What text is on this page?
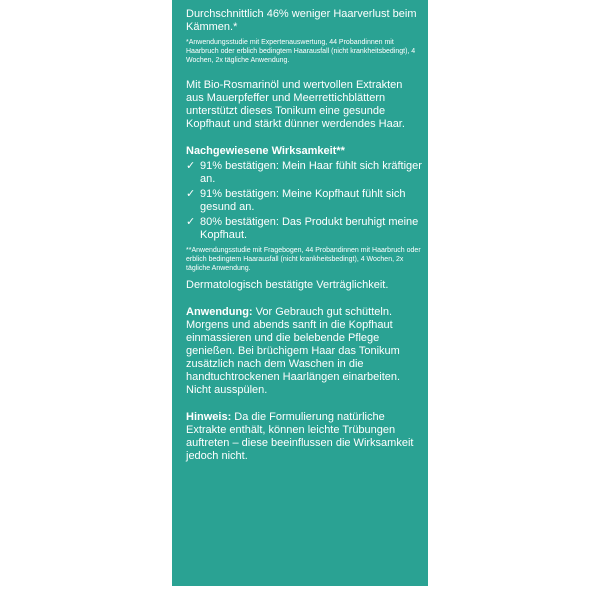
Durchschnittlich 46% weniger Haarverlust beim Kämmen.*

*Anwendungsstudie mit Expertenauswertung, 44 Probandinnen mit Haarbruch oder erblich bedingtem Haarausfall (nicht krankheitsbedingt), 4 Wochen, 2x tägliche Anwendung.

Mit Bio-Rosmarinöl und wertvollen Extrakten aus Mauerpfeffer und Meerrettichblättern unterstützt dieses Tonikum eine gesunde Kopfhaut und stärkt dünner werdendes Haar.

Nachgewiesene Wirksamkeit**

✓ 91% bestätigen: Mein Haar fühlt sich kräftiger an.
✓ 91% bestätigen: Meine Kopfhaut fühlt sich gesund an.
✓ 80% bestätigen: Das Produkt beruhigt meine Kopfhaut.

**Anwendungsstudie mit Fragebogen, 44 Probandinnen mit Haarbruch oder erblich bedingtem Haarausfall (nicht krankheitsbedingt), 4 Wochen, 2x tägliche Anwendung.

Dermatologisch bestätigte Verträglichkeit.

Anwendung: Vor Gebrauch gut schütteln. Morgens und abends sanft in die Kopfhaut einmassieren und die belebende Pflege genießen. Bei brüchigem Haar das Tonikum zusätzlich nach dem Waschen in die handtuchtrockenen Haarlängen einarbeiten. Nicht ausspülen.

Hinweis: Da die Formulierung natürliche Extrakte enthält, können leichte Trübungen auftreten – diese beeinflussen die Wirksamkeit jedoch nicht.
